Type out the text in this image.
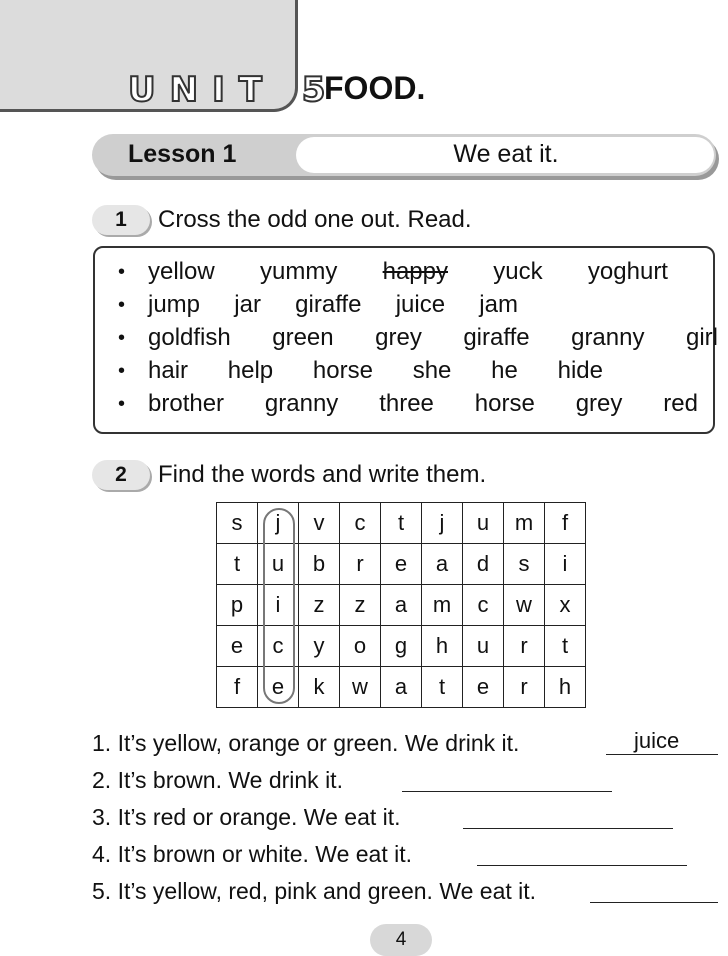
UNIT 5
FOOD.
Lesson 1	We eat it.
1	Cross the odd one out. Read.
• yellow yummy happy yuck yoghurt
• jump jar giraffe juice jam
• goldfish green grey giraffe granny girl
• hair help horse she he hide
• brother granny three horse grey red
2	Find the words and write them.
s	j	v	c	t	j	u	m	f
t	u	b	r	e	a	d	s	i
p	i	z	z	a	m	c	w	x
e	c	y	o	g	h	u	r	t
f	e	k	w	a	t	e	r	h
1. It’s yellow, orange or green. We drink it.	juice
2. It’s brown. We drink it.
3. It’s red or orange. We eat it.
4. It’s brown or white. We eat it.
5. It’s yellow, red, pink and green. We eat it.
4
